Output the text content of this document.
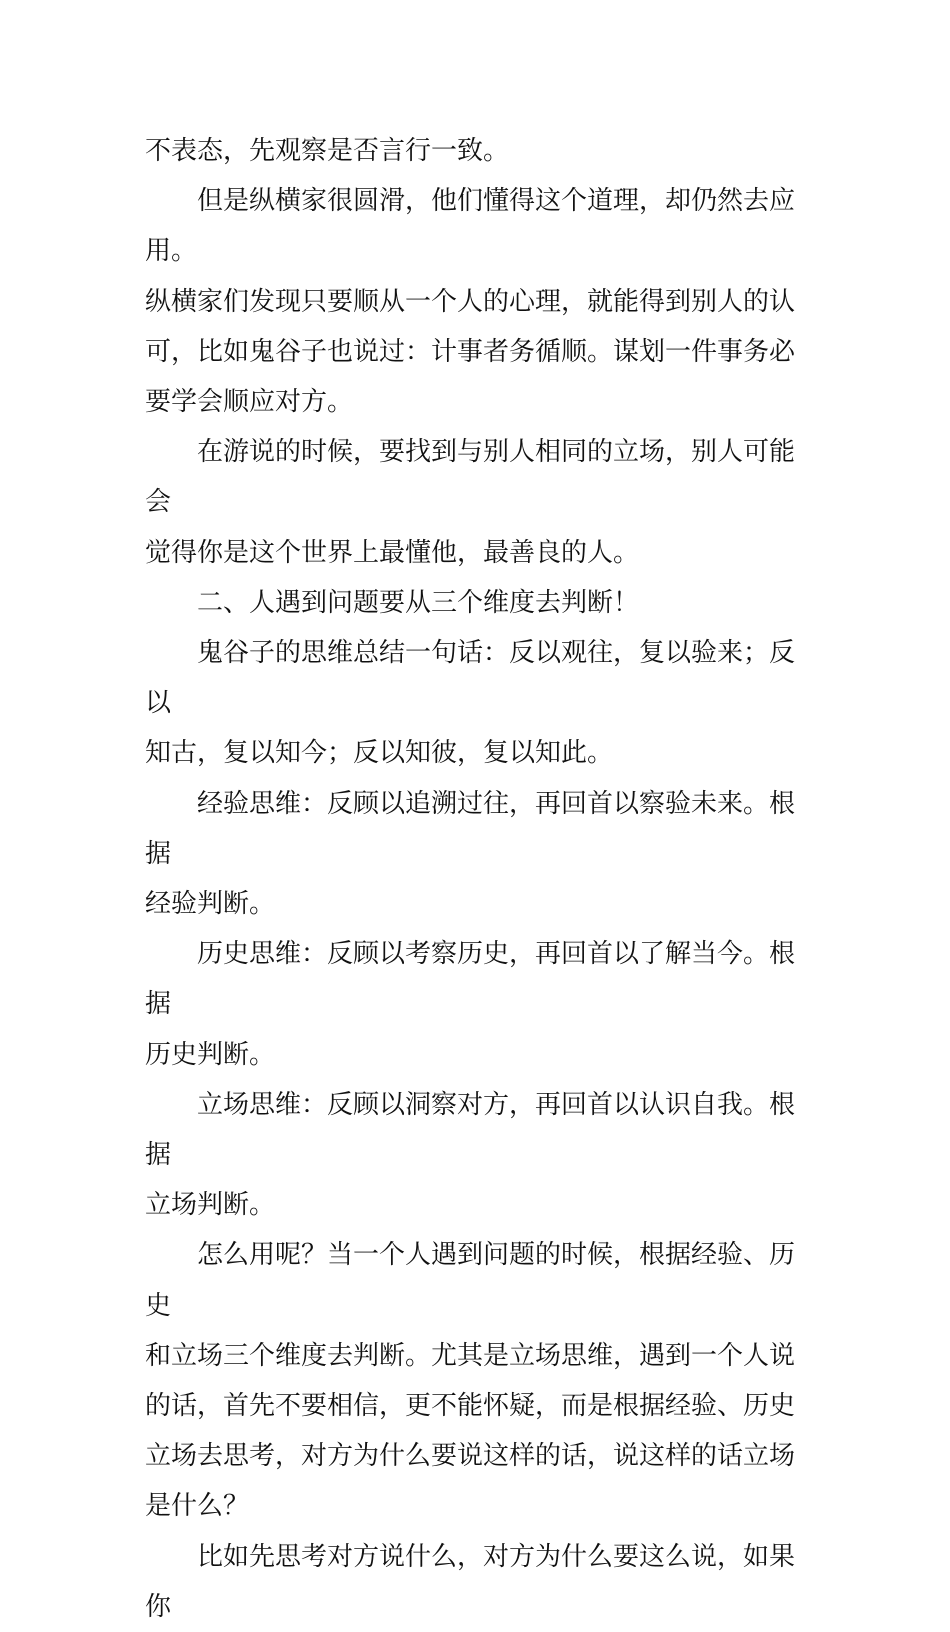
不表态，先观察是否言行一致。

但是纵横家很圆滑，他们懂得这个道理，却仍然去应用。
纵横家们发现只要顺从一个人的心理，就能得到别人的认
可，比如鬼谷子也说过：计事者务循顺。谋划一件事务必
要学会顺应对方。

在游说的时候，要找到与别人相同的立场，别人可能会
觉得你是这个世界上最懂他，最善良的人。

二、人遇到问题要从三个维度去判断！

鬼谷子的思维总结一句话：反以观往，复以验来；反以
知古，复以知今；反以知彼，复以知此。

经验思维：反顾以追溯过往，再回首以察验未来。根据
经验判断。

历史思维：反顾以考察历史，再回首以了解当今。根据
历史判断。

立场思维：反顾以洞察对方，再回首以认识自我。根据
立场判断。

怎么用呢？当一个人遇到问题的时候，根据经验、历史
和立场三个维度去判断。尤其是立场思维，遇到一个人说
的话，首先不要相信，更不能怀疑，而是根据经验、历史
立场去思考，对方为什么要说这样的话，说这样的话立场
是什么？

比如先思考对方说什么，对方为什么要这么说，如果你
